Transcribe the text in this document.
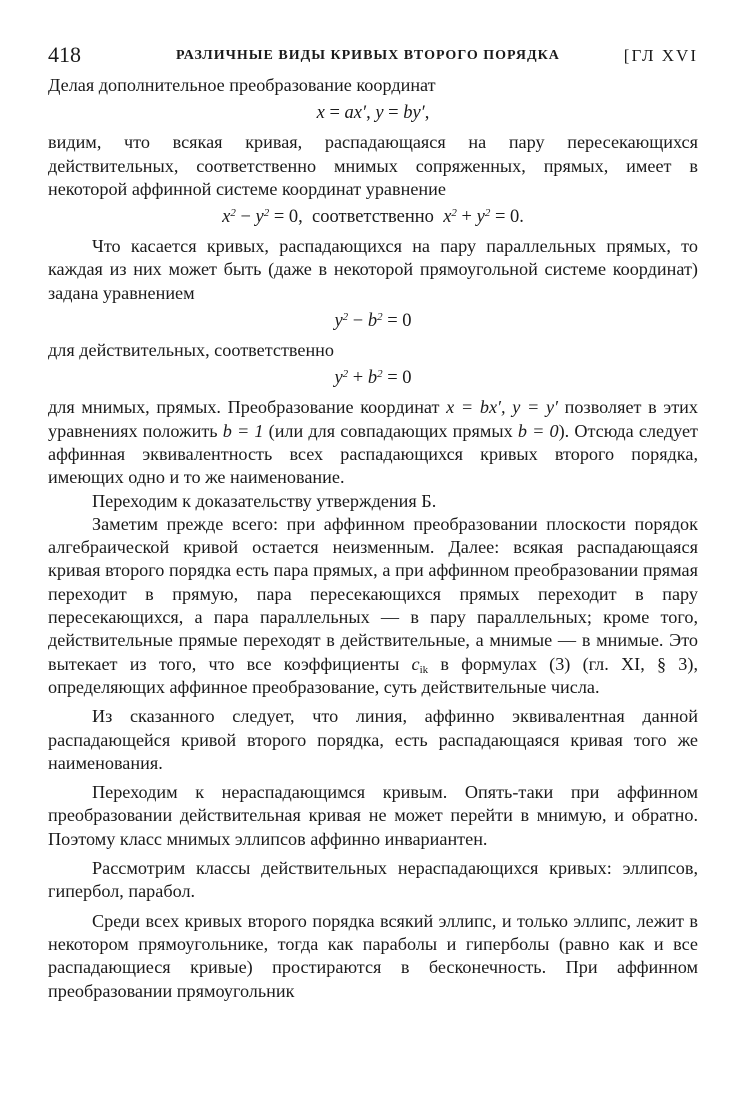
418	РАЗЛИЧНЫЕ ВИДЫ КРИВЫХ ВТОРОГО ПОРЯДКА	[ГЛ XVI

Делая дополнительное преобразование координат

x = ax′, y = by′,

видим, что всякая кривая, распадающаяся на пару пересекающихся действительных, соответственно мнимых сопряженных, прямых, имеет в некоторой аффинной системе координат уравнение

$x^2 - y^2 = 0$, соответственно $x^2 + y^2 = 0$.

Что касается кривых, распадающихся на пару параллельных прямых, то каждая из них может быть (даже в некоторой прямоугольной системе координат) задана уравнением

$y^2 - b^2 = 0$

для действительных, соответственно

$y^2 + b^2 = 0$

для мнимых, прямых. Преобразование координат x = bx′, y = y′ позволяет в этих уравнениях положить b = 1 (или для совпадающих прямых b = 0). Отсюда следует аффинная эквивалентность всех распадающихся кривых второго порядка, имеющих одно и то же наименование.

Переходим к доказательству утверждения Б.

Заметим прежде всего: при аффинном преобразовании плоскости порядок алгебраической кривой остается неизменным. Далее: всякая распадающаяся кривая второго порядка есть пара прямых, а при аффинном преобразовании прямая переходит в прямую, пара пересекающихся прямых переходит в пару пересекающихся, а пара параллельных — в пару параллельных; кроме того, действительные прямые переходят в действительные, а мнимые — в мнимые. Это вытекает из того, что все коэффициенты $c_{ik}$ в формулах (3) (гл. XI, § 3), определяющих аффинное преобразование, суть действительные числа.

Из сказанного следует, что линия, аффинно эквивалентная данной распадающейся кривой второго порядка, есть распадающаяся кривая того же наименования.

Переходим к нераспадающимся кривым. Опять-таки при аффинном преобразовании действительная кривая не может перейти в мнимую, и обратно. Поэтому класс мнимых эллипсов аффинно инвариантен.

Рассмотрим классы действительных нераспадающихся кривых: эллипсов, гипербол, парабол.

Среди всех кривых второго порядка всякий эллипс, и только эллипс, лежит в некотором прямоугольнике, тогда как параболы и гиперболы (равно как и все распадающиеся кривые) простираются в бесконечность. При аффинном преобразовании прямоугольник
